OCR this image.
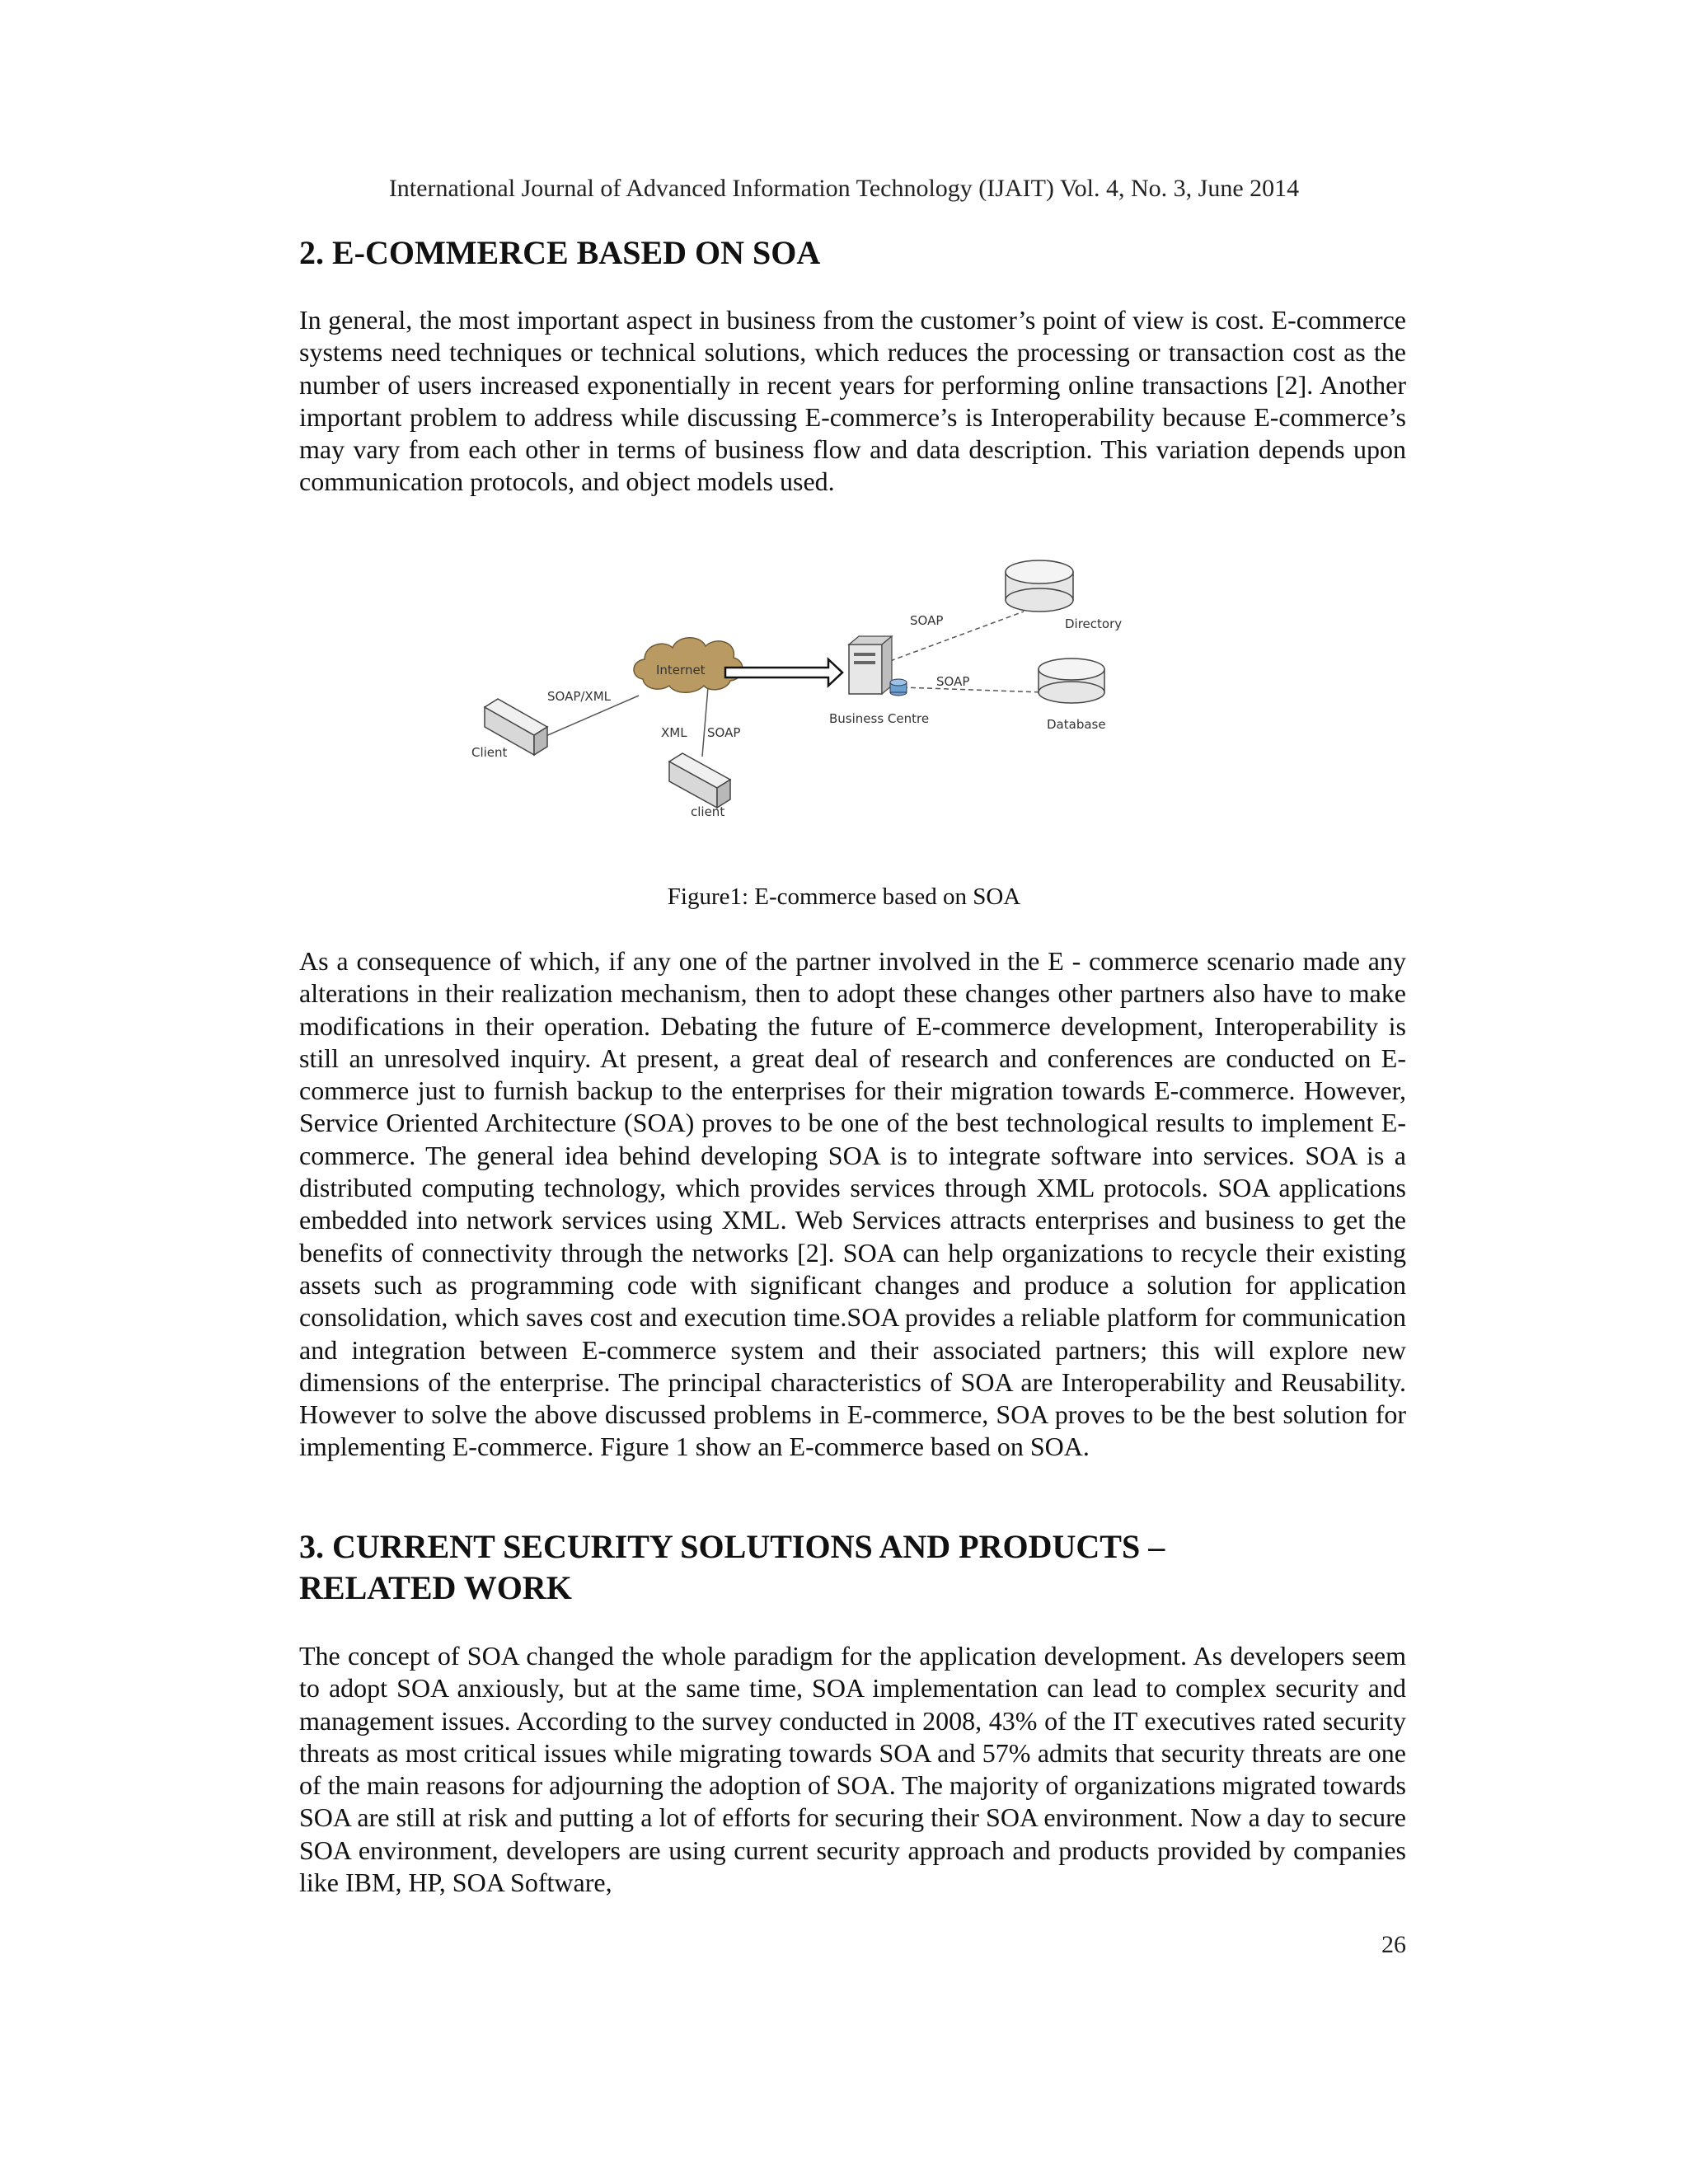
International Journal of Advanced Information Technology (IJAIT) Vol. 4, No. 3, June 2014
2. E-COMMERCE BASED ON SOA

In general, the most important aspect in business from the customer’s point of view is cost. E-commerce systems need techniques or technical solutions, which reduces the processing or transaction cost as the number of users increased exponentially in recent years for performing online transactions [2]. Another important problem to address while discussing E-commerce’s is Interoperability because E-commerce’s may vary from each other in terms of business flow and data description. This variation depends upon communication protocols, and object models used.

Internet
Business Centre
Directory
Database
Client
client
SOAP/XML
XML SOAP
SOAP
SOAP
Figure1: E-commerce based on SOA

As a consequence of which, if any one of the partner involved in the E - commerce scenario made any alterations in their realization mechanism, then to adopt these changes other partners also have to make modifications in their operation. Debating the future of E-commerce development, Interoperability is still an unresolved inquiry. At present, a great deal of research and conferences are conducted on E-commerce just to furnish backup to the enterprises for their migration towards E-commerce. However, Service Oriented Architecture (SOA) proves to be one of the best technological results to implement E-commerce. The general idea behind developing SOA is to integrate software into services. SOA is a distributed computing technology, which provides services through XML protocols. SOA applications embedded into network services using XML. Web Services attracts enterprises and business to get the benefits of connectivity through the networks [2]. SOA can help organizations to recycle their existing assets such as programming code with significant changes and produce a solution for application consolidation, which saves cost and execution time.SOA provides a reliable platform for communication and integration between E-commerce system and their associated partners; this will explore new dimensions of the enterprise. The principal characteristics of SOA are Interoperability and Reusability. However to solve the above discussed problems in E-commerce, SOA proves to be the best solution for implementing E-commerce. Figure 1 show an E-commerce based on SOA.

3. CURRENT SECURITY SOLUTIONS AND PRODUCTS –
RELATED WORK

The concept of SOA changed the whole paradigm for the application development. As developers seem to adopt SOA anxiously, but at the same time, SOA implementation can lead to complex security and management issues. According to the survey conducted in 2008, 43% of the IT executives rated security threats as most critical issues while migrating towards SOA and 57% admits that security threats are one of the main reasons for adjourning the adoption of SOA. The majority of organizations migrated towards SOA are still at risk and putting a lot of efforts for securing their SOA environment. Now a day to secure SOA environment, developers are using current security approach and products provided by companies like IBM, HP, SOA Software,

26
